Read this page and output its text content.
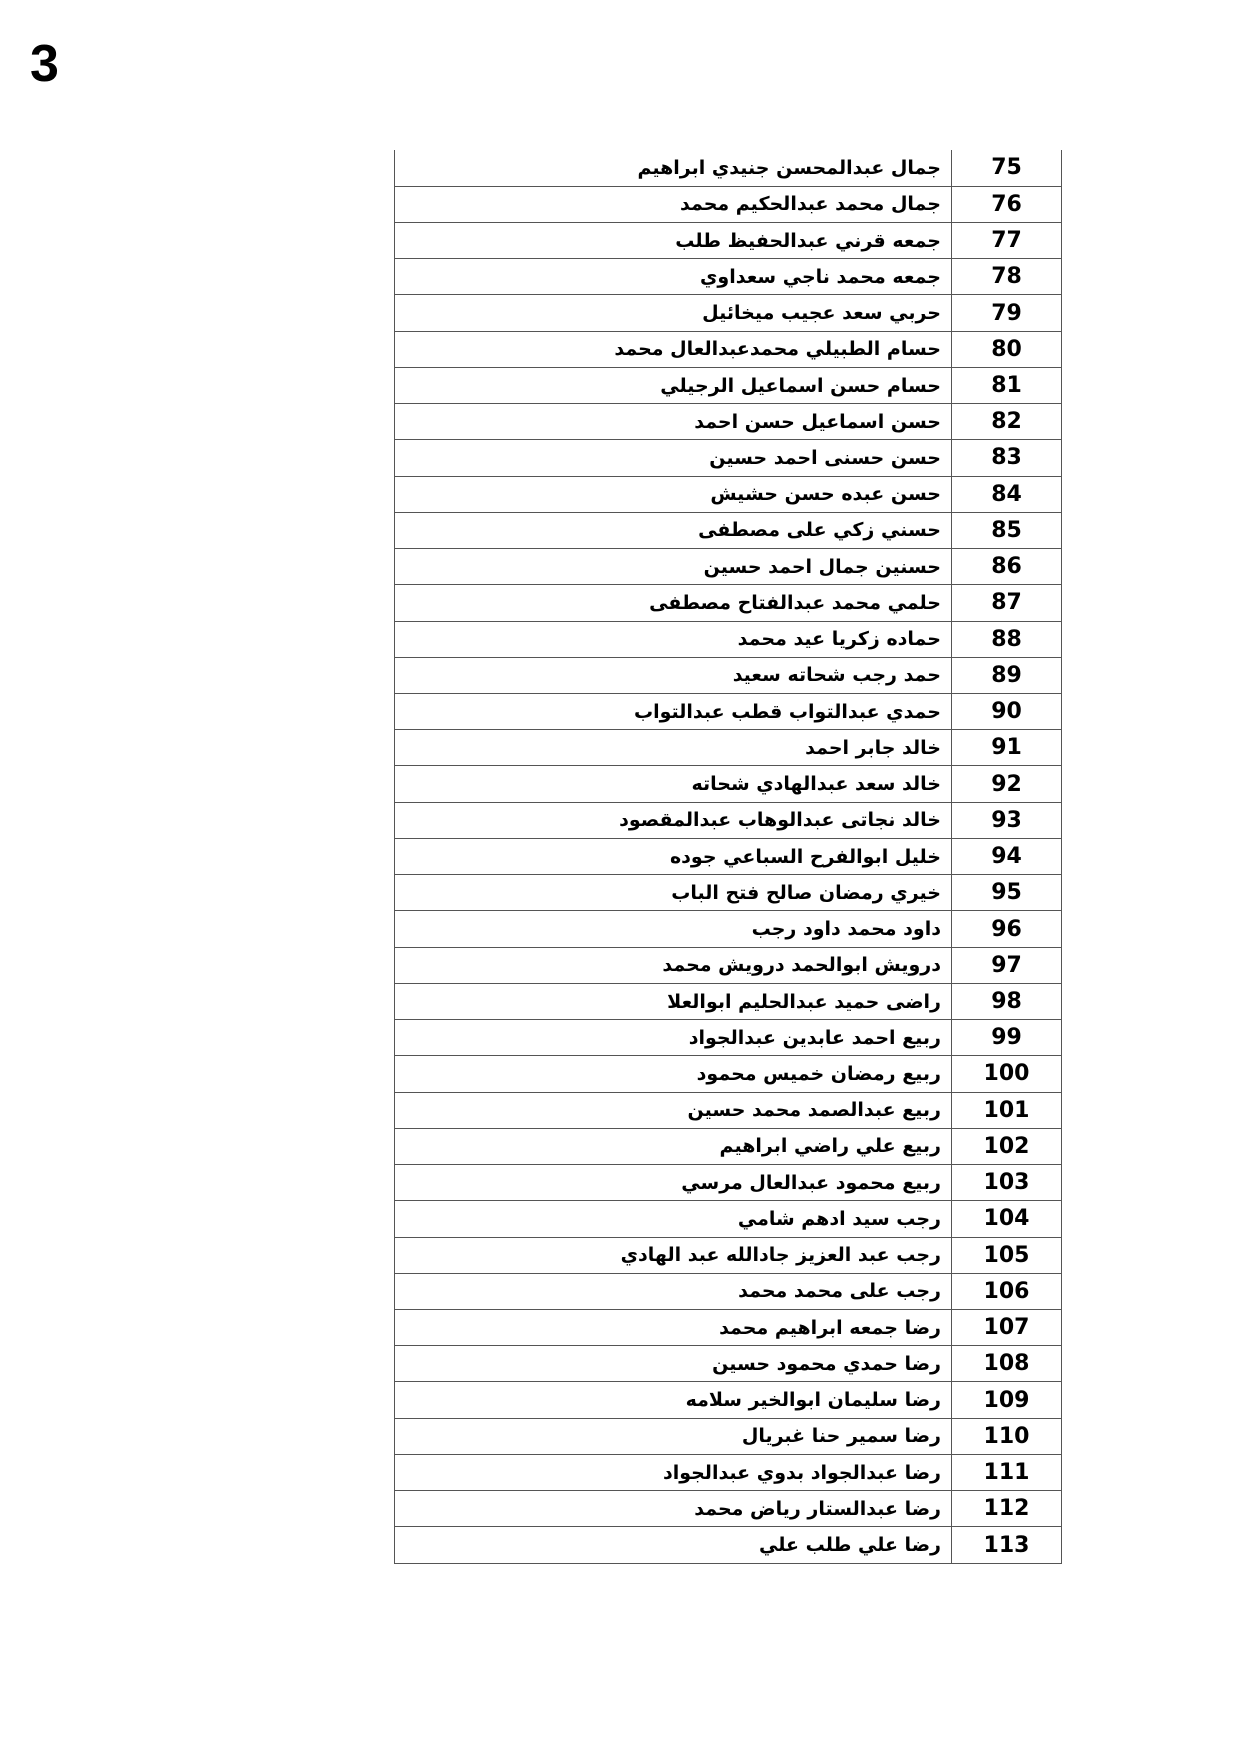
3
75	جمال عبدالمحسن جنيدي ابراهيم
76	جمال محمد عبدالحكيم محمد
77	جمعه قرني عبدالحفيظ طلب
78	جمعه محمد ناجي سعداوي
79	حربي سعد عجيب ميخائيل
80	حسام الطبيلي محمدعبدالعال محمد
81	حسام حسن اسماعيل الرجيلي
82	حسن اسماعيل حسن احمد
83	حسن حسنى احمد حسين
84	حسن عبده حسن حشيش
85	حسني زكي على مصطفى
86	حسنين جمال احمد حسين
87	حلمي محمد عبدالفتاح مصطفى
88	حماده زكريا عيد محمد
89	حمد رجب شحاته سعيد
90	حمدي عبدالتواب قطب عبدالتواب
91	خالد جابر احمد
92	خالد سعد عبدالهادي شحاته
93	خالد نجاتى عبدالوهاب عبدالمقصود
94	خليل ابوالفرح السباعي جوده
95	خيري رمضان صالح فتح الباب
96	داود محمد داود رجب
97	درويش ابوالحمد درويش محمد
98	راضى حميد عبدالحليم ابوالعلا
99	ربيع احمد عابدين عبدالجواد
100	ربيع رمضان خميس محمود
101	ربيع عبدالصمد محمد حسين
102	ربيع علي راضي ابراهيم
103	ربيع محمود عبدالعال مرسي
104	رجب سيد ادهم شامي
105	رجب عبد العزيز جادالله عبد الهادي
106	رجب على محمد محمد
107	رضا جمعه ابراهيم محمد
108	رضا حمدي محمود حسين
109	رضا سليمان ابوالخير سلامه
110	رضا سمير حنا غبريال
111	رضا عبدالجواد بدوي عبدالجواد
112	رضا عبدالستار رياض محمد
113	رضا علي طلب علي
